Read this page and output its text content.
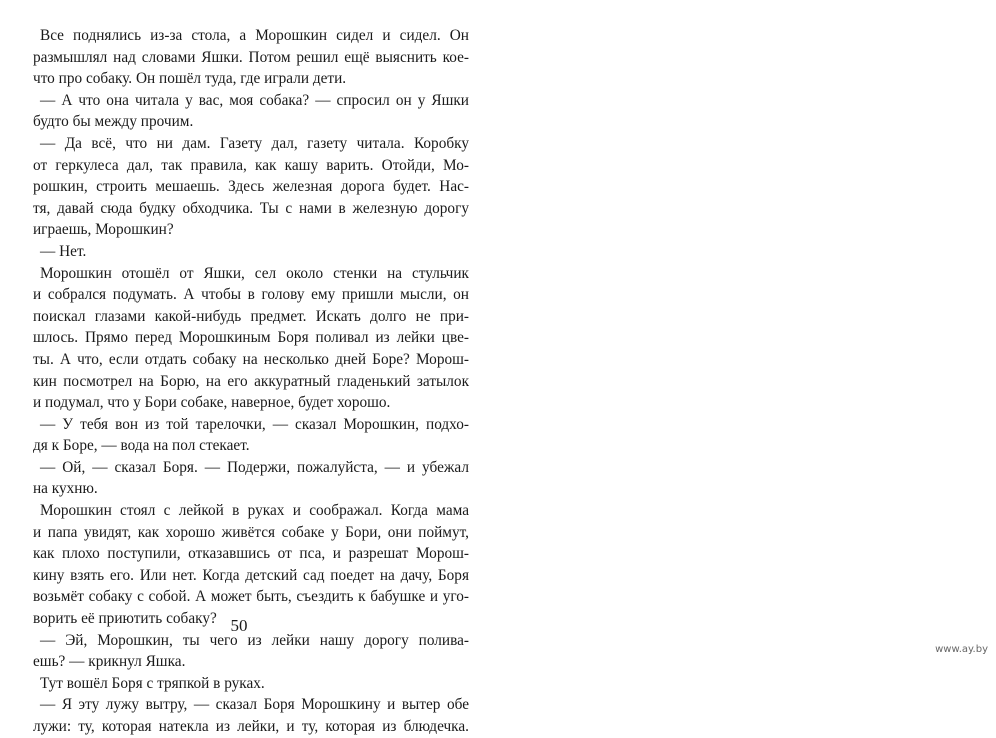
Все поднялись из-за стола, а Морошкин сидел и сидел. Он

размышлял над словами Яшки. Потом решил ещё выяснить кое-

что про собаку. Он пошёл туда, где играли дети.

— А что она читала у вас, моя собака? — спросил он у Яшки

будто бы между прочим.

— Да всё, что ни дам. Газету дал, газету читала. Коробку

от геркулеса дал, так правила, как кашу варить. Отойди, Мо-

рошкин, строить мешаешь. Здесь железная дорога будет. Нас-

тя, давай сюда будку обходчика. Ты с нами в железную дорогу

играешь, Морошкин?

— Нет.

Морошкин отошёл от Яшки, сел около стенки на стульчик

и собрался подумать. А чтобы в голову ему пришли мысли, он

поискал глазами какой-нибудь предмет. Искать долго не при-

шлось. Прямо перед Морошкиным Боря поливал из лейки цве-

ты. А что, если отдать собаку на несколько дней Боре? Морош-

кин посмотрел на Борю, на его аккуратный гладенький затылок

и подумал, что у Бори собаке, наверное, будет хорошо.

— У тебя вон из той тарелочки, — сказал Морошкин, подхо-

дя к Боре, — вода на пол стекает.

— Ой, — сказал Боря. — Подержи, пожалуйста, — и убежал

на кухню.

Морошкин стоял с лейкой в руках и соображал. Когда мама

и папа увидят, как хорошо живётся собаке у Бори, они поймут,

как плохо поступили, отказавшись от пса, и разрешат Морош-

кину взять его. Или нет. Когда детский сад поедет на дачу, Боря

возьмёт собаку с собой. А может быть, съездить к бабушке и уго-

ворить её приютить собаку?

— Эй, Морошкин, ты чего из лейки нашу дорогу полива-

ешь? — крикнул Яшка.

Тут вошёл Боря с тряпкой в руках.

— Я эту лужу вытру, — сказал Боря Морошкину и вытер обе

лужи: ту, которая натекла из лейки, и ту, которая из блюдечка.

50
www.ay.by
